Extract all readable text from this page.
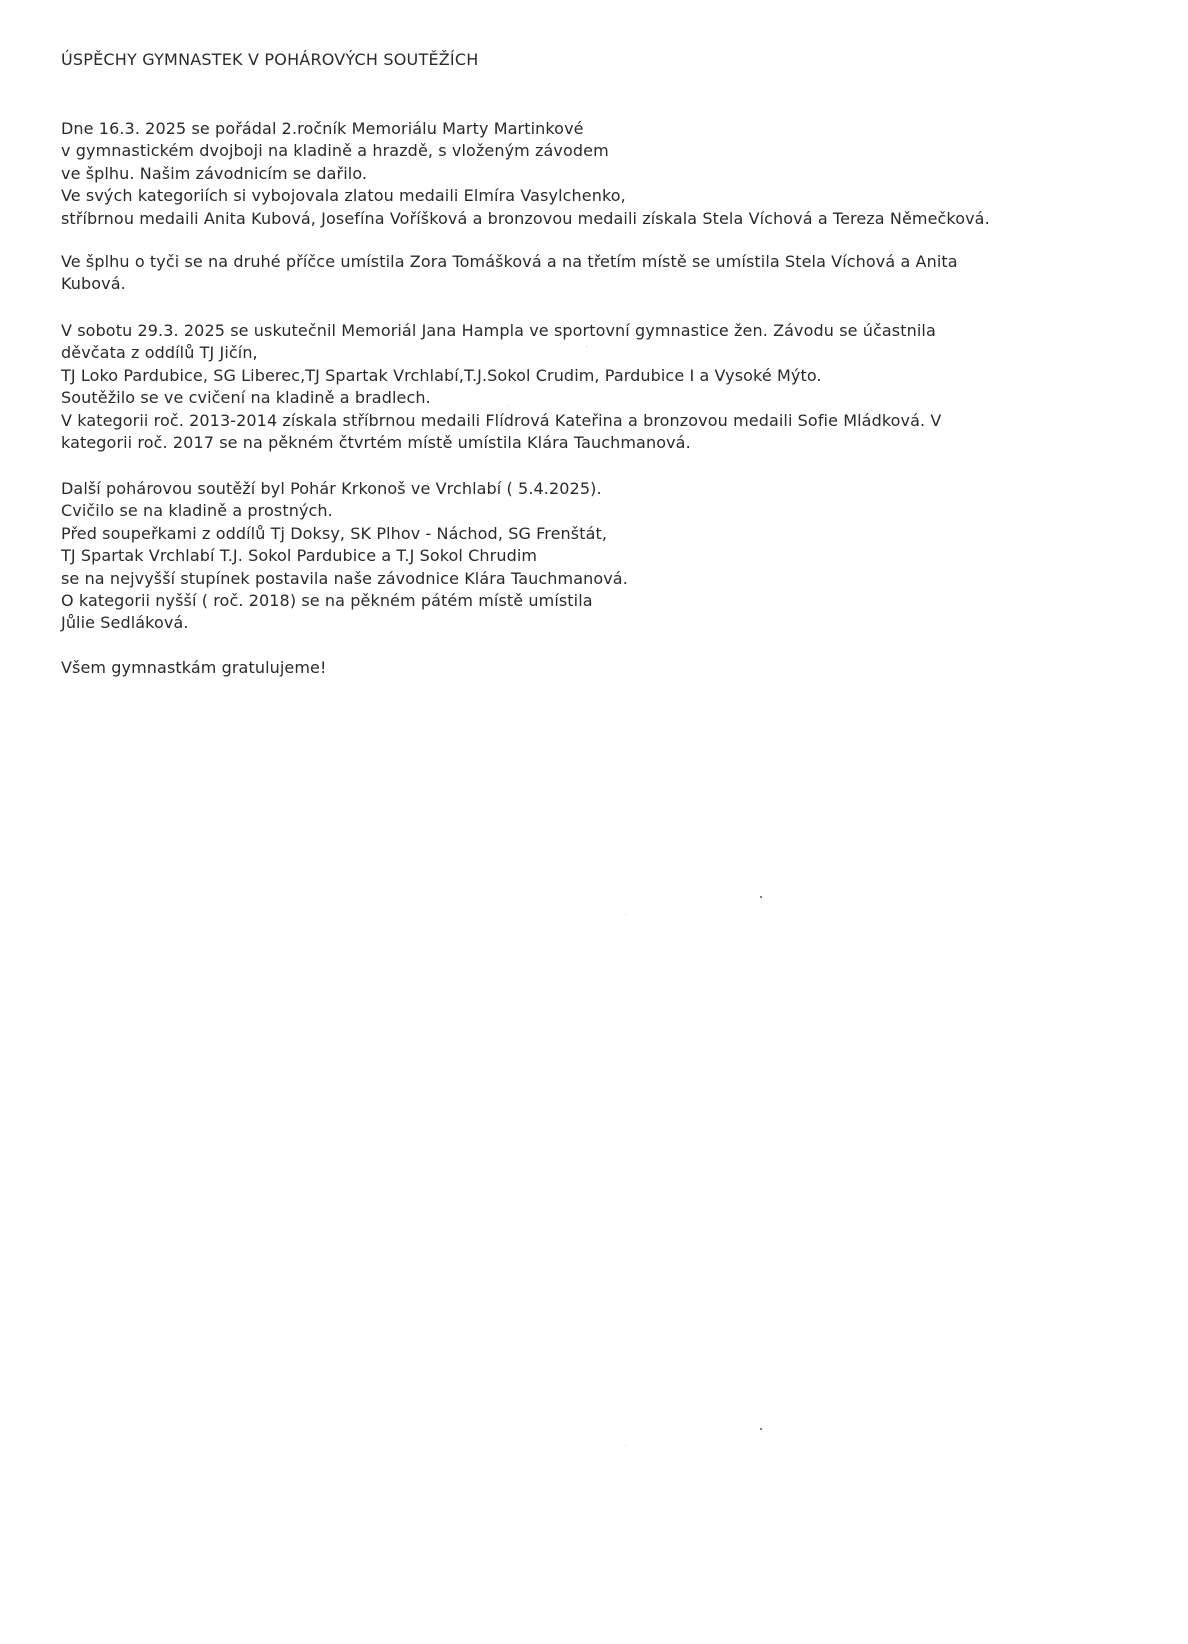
ÚSPĚCHY GYMNASTEK V POHÁROVÝCH SOUTĚŽÍCH
Dne 16.3. 2025 se pořádal 2.ročník Memoriálu Marty Martinkové
v gymnastickém dvojboji na kladině a hrazdě, s vloženým závodem
ve šplhu. Našim závodnicím se dařilo.
Ve svých kategoriích si vybojovala zlatou medaili Elmíra Vasylchenko,
stříbrnou medaili Anita Kubová, Josefína Voříšková a bronzovou medaili získala Stela Víchová a Tereza Němečková.
Ve šplhu o tyči se na druhé příčce umístila Zora Tomášková a na třetím místě se umístila Stela Víchová a Anita
Kubová.
V sobotu 29.3. 2025 se uskutečnil Memoriál Jana Hampla ve sportovní gymnastice žen. Závodu se účastnila
děvčata z oddílů TJ Jičín,
TJ Loko Pardubice, SG Liberec,TJ Spartak Vrchlabí,T.J.Sokol Crudim, Pardubice I a Vysoké Mýto.
Soutěžilo se ve cvičení na kladině a bradlech.
V kategorii roč. 2013-2014 získala stříbrnou medaili Flídrová Kateřina a bronzovou medaili Sofie Mládková. V
kategorii roč. 2017 se na pěkném čtvrtém místě umístila Klára Tauchmanová.
Další pohárovou soutěží byl Pohár Krkonoš ve Vrchlabí ( 5.4.2025).
Cvičilo se na kladině a prostných.
Před soupeřkami z oddílů Tj Doksy, SK Plhov - Náchod, SG Frenštát,
TJ Spartak Vrchlabí T.J. Sokol Pardubice a T.J Sokol Chrudim
se na nejvyšší stupínek postavila naše závodnice Klára Tauchmanová.
O kategorii nyšší ( roč. 2018) se na pěkném pátém místě umístila
Jůlie Sedláková.
Všem gymnastkám gratulujeme!
